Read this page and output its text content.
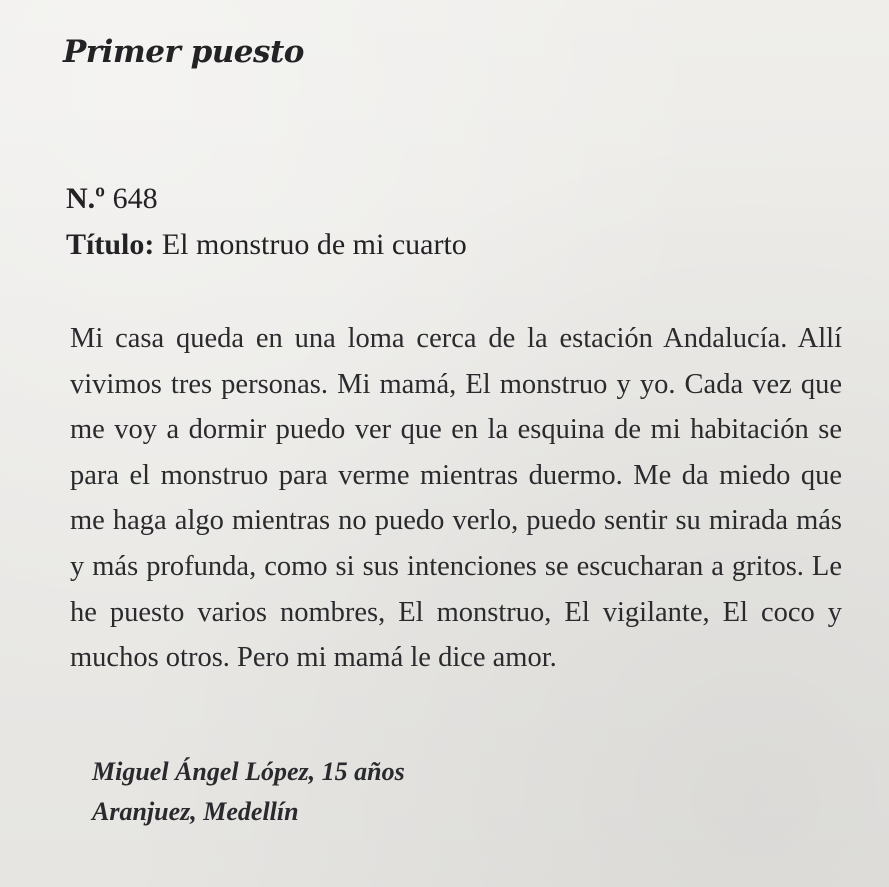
Primer puesto
N.º 648
Título: El monstruo de mi cuarto

Mi casa queda en una loma cerca de la estación Andalucía. Allí vivimos tres personas. Mi mamá, El monstruo y yo. Cada vez que me voy a dormir puedo ver que en la esquina de mi habitación se para el monstruo para verme mientras duermo. Me da miedo que me haga algo mientras no puedo verlo, puedo sentir su mirada más y más profunda, como si sus intenciones se escucharan a gritos. Le he puesto varios nombres, El monstruo, El vigilante, El coco y muchos otros. Pero mi mamá le dice amor.

Miguel Ángel López, 15 años
Aranjuez, Medellín
